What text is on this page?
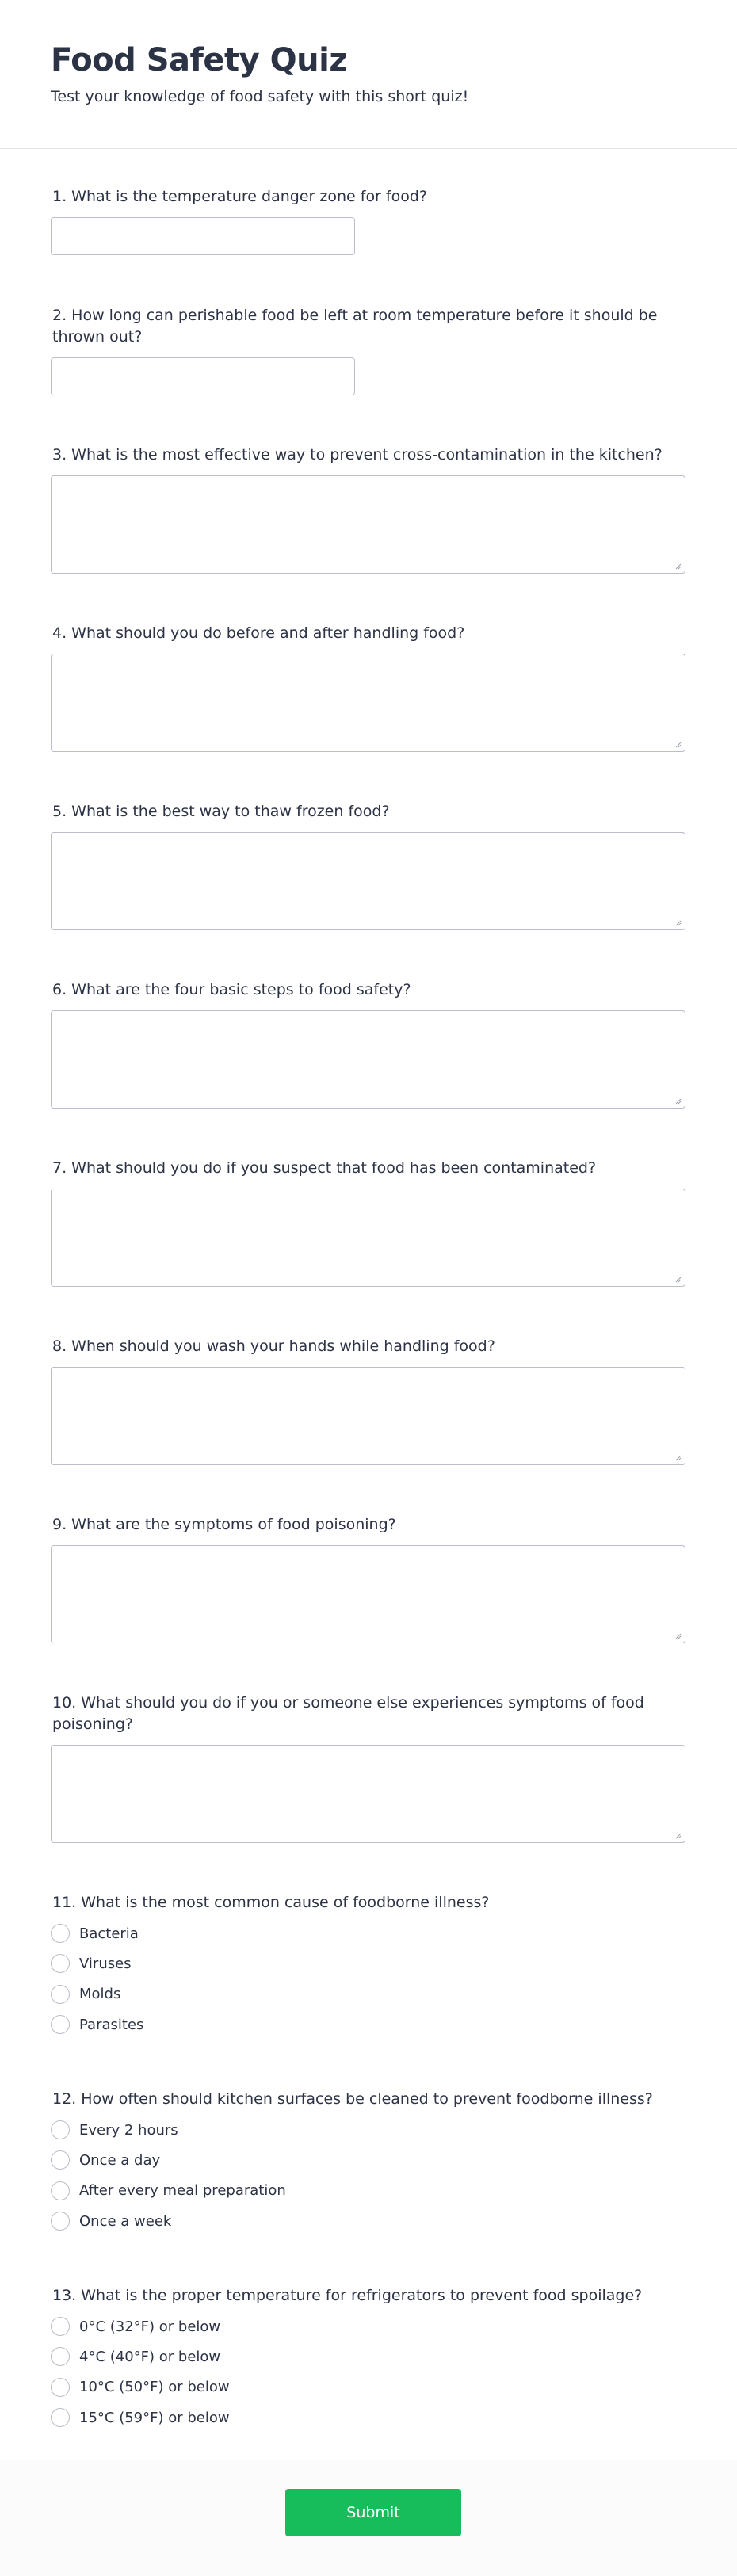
Food Safety Quiz
Test your knowledge of food safety with this short quiz!
1. What is the temperature danger zone for food?
2. How long can perishable food be left at room temperature before it should be thrown out?
3. What is the most effective way to prevent cross-contamination in the kitchen?
4. What should you do before and after handling food?
5. What is the best way to thaw frozen food?
6. What are the four basic steps to food safety?
7. What should you do if you suspect that food has been contaminated?
8. When should you wash your hands while handling food?
9. What are the symptoms of food poisoning?
10. What should you do if you or someone else experiences symptoms of food poisoning?
11. What is the most common cause of foodborne illness?
Bacteria
Viruses
Molds
Parasites
12. How often should kitchen surfaces be cleaned to prevent foodborne illness?
Every 2 hours
Once a day
After every meal preparation
Once a week
13. What is the proper temperature for refrigerators to prevent food spoilage?
0°C (32°F) or below
4°C (40°F) or below
10°C (50°F) or below
15°C (59°F) or below
Submit
